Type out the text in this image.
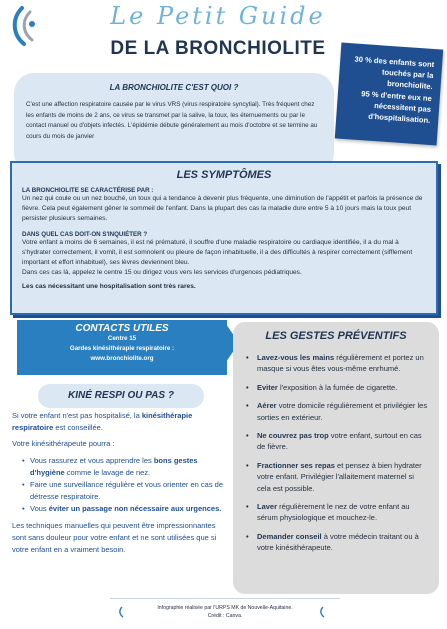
Le Petit Guide
DE LA BRONCHIOLITE
30 % des enfants sont touchés par la bronchiolite.
95 % d'entre eux ne nécessitent pas d'hospitalisation.
LA BRONCHIOLITE C'EST QUOI ?

C'est une affection respiratoire causée par le virus VRS (virus respiratoire syncytial). Très fréquent chez les enfants de moins de 2 ans, ce virus se transmet par la salive, la toux, les éternuements ou par le contact manuel ou d'objets infectés. L'épidémie débute généralement au mois d'octobre et se termine au cours du mois de janvier

LES SYMPTÔMES
LA BRONCHIOLITE SE CARACTÉRISE PAR :

Un nez qui coule ou un nez bouché, un toux qui a tendance à devenir plus fréquente, une diminution de l'appétit et parfois la présence de fièvre. Cela peut également gêner le sommeil de l'enfant. Dans la plupart des cas la maladie dure entre 5 à 10 jours mais la toux peut persister plusieurs semaines.

DANS QUEL CAS DOIT-ON S'INQUIÉTER ?

Votre enfant a moins de 6 semaines, il est né prématuré, il souffre d'une maladie respiratoire ou cardiaque identifiée, il a du mal à s'hydrater correctement, il vomit, il est somnolent ou pleure de façon inhabituelle, il a des difficultés à respirer correctement (sifflement important et effort inhabituel), ses lèvres deviennent bleu.

Dans ces cas là, appelez le centre 15 ou dirigez vous vers les services d'urgences pédiatriques.

Les cas nécessitant une hospitalisation sont très rares.

CONTACTS UTILES
Centre 15
Gardes kinésithérapie respiratoire :
www.bronchiolite.org
KINÉ RESPI OU PAS ?

Si votre enfant n'est pas hospitalisé, la kinésithérapie respiratoire est conseillée.

Votre kinésithérapeute pourra :

• Vous rassurez et vous apprendre les bons gestes d'hygiène comme le lavage de nez.
• Faire une surveillance régulière et vous orienter en cas de détresse respiratoire.
• Vous éviter un passage non nécessaire aux urgences.

Les techniques manuelles qui peuvent être impressionnantes sont sans douleur pour votre enfant et ne sont utilisées que si votre enfant en a vraiment besoin.

LES GESTES PRÉVENTIFS
• Lavez-vous les mains régulièrement et portez un masque si vous êtes vous-même enrhumé.
• Eviter l'exposition à la fumée de cigarette.
• Aérer votre domicile régulièrement et privilégier les sorties en extérieur.
• Ne couvrez pas trop votre enfant, surtout en cas de fièvre.
• Fractionner ses repas et pensez à bien hydrater votre enfant. Privilégier l'allaitement maternel si cela est possible.
• Laver régulièrement le nez de votre enfant au sérum physiologique et mouchez-le.
• Demander conseil à votre médecin traitant ou à votre kinésithérapeute.
Infographie réalisée par l'URPS MK de Nouvelle-Aquitaine.
Crédit : Canva.
